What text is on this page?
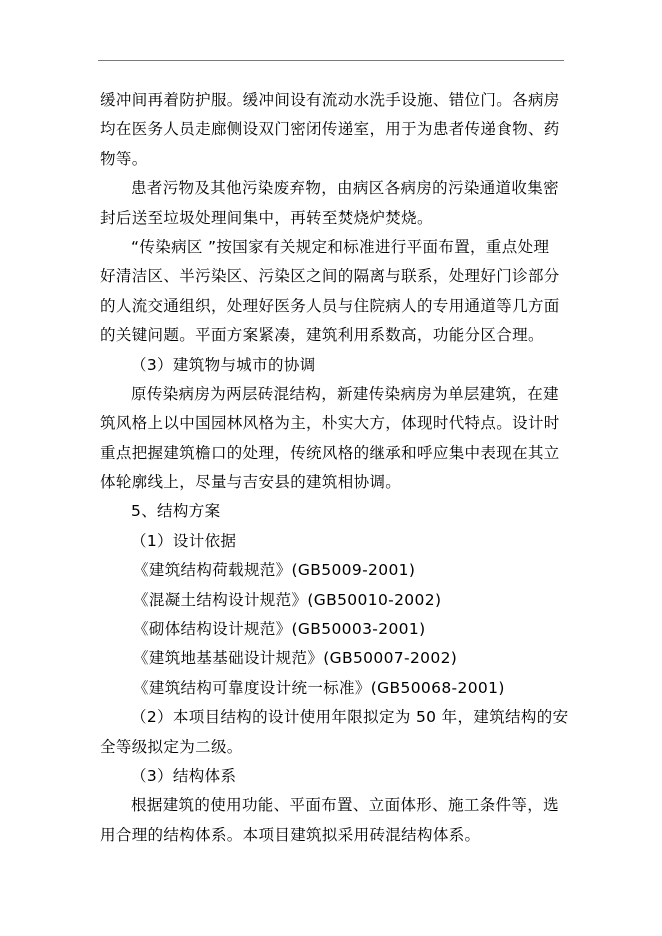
缓冲间再着防护服。缓冲间设有流动水洗手设施、错位门。各病房
均在医务人员走廊侧设双门密闭传递室，用于为患者传递食物、药
物等。
患者污物及其他污染废弃物，由病区各病房的污染通道收集密
封后送至垃圾处理间集中，再转至焚烧炉焚烧。
“传染病区 ”按国家有关规定和标准进行平面布置，重点处理
好清洁区、半污染区、污染区之间的隔离与联系，处理好门诊部分
的人流交通组织，处理好医务人员与住院病人的专用通道等几方面
的关键问题。平面方案紧凑，建筑利用系数高，功能分区合理。
（3）建筑物与城市的协调
原传染病房为两层砖混结构，新建传染病房为单层建筑，在建
筑风格上以中国园林风格为主，朴实大方，体现时代特点。设计时
重点把握建筑檐口的处理，传统风格的继承和呼应集中表现在其立
体轮廓线上，尽量与吉安县的建筑相协调。
5、结构方案
（1）设计依据
《建筑结构荷载规范》(GB5009-2001)
《混凝土结构设计规范》(GB50010-2002)
《砌体结构设计规范》(GB50003-2001)
《建筑地基基础设计规范》(GB50007-2002)
《建筑结构可靠度设计统一标准》(GB50068-2001)
（2）本项目结构的设计使用年限拟定为 50 年，建筑结构的安
全等级拟定为二级。
（3）结构体系
根据建筑的使用功能、平面布置、立面体形、施工条件等，选
用合理的结构体系。本项目建筑拟采用砖混结构体系。
